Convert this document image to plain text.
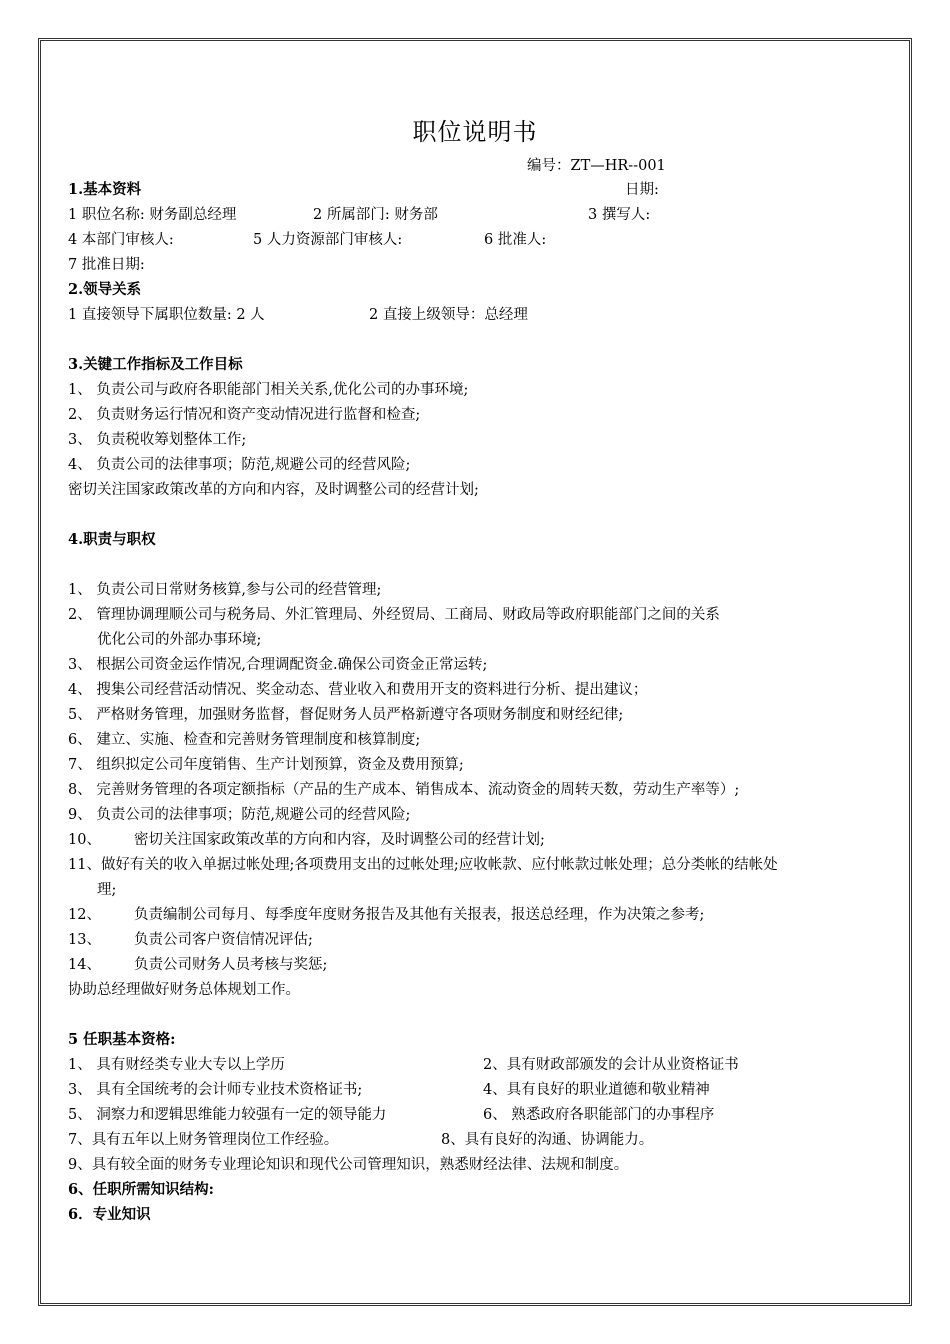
职位说明书
编号：ZT—HR--001
1.基本资料	日期:
1 职位名称: 财务副总经理	2 所属部门: 财务部	3 撰写人:
4 本部门审核人:	5 人力资源部门审核人:	6 批准人:
7 批准日期:
2.领导关系
1 直接领导下属职位数量: 2 人	2 直接上级领导：总经理
3.关键工作指标及工作目标
1、 负责公司与政府各职能部门相关关系,优化公司的办事环境;
2、 负责财务运行情况和资产变动情况进行监督和检查;
3、 负责税收筹划整体工作;
4、 负责公司的法律事项；防范,规避公司的经营风险;
密切关注国家政策改革的方向和内容，及时调整公司的经营计划;
4.职责与职权
1、 负责公司日常财务核算,参与公司的经营管理;
2、 管理协调理顺公司与税务局、外汇管理局、外经贸局、工商局、财政局等政府职能部门之间的关系
优化公司的外部办事环境;
3、 根据公司资金运作情况,合理调配资金.确保公司资金正常运转;
4、 搜集公司经营活动情况、奖金动态、营业收入和费用开支的资料进行分析、提出建议；
5、 严格财务管理，加强财务监督，督促财务人员严格新遵守各项财务制度和财经纪律;
6、 建立、实施、检查和完善财务管理制度和核算制度;
7、 组织拟定公司年度销售、生产计划预算，资金及费用预算;
8、 完善财务管理的各项定额指标（产品的生产成本、销售成本、流动资金的周转天数，劳动生产率等）;
9、 负责公司的法律事项；防范,规避公司的经营风险;
10、 密切关注国家政策改革的方向和内容，及时调整公司的经营计划;
11、做好有关的收入单据过帐处理;各项费用支出的过帐处理;应收帐款、应付帐款过帐处理；总分类帐的结帐处
理;
12、 负责编制公司每月、每季度年度财务报告及其他有关报表，报送总经理，作为决策之参考;
13、 负责公司客户资信情况评估;
14、 负责公司财务人员考核与奖惩;
协助总经理做好财务总体规划工作。
5 任职基本资格:
1、 具有财经类专业大专以上学历	2、具有财政部颁发的会计从业资格证书
3、 具有全国统考的会计师专业技术资格证书;	4、具有良好的职业道德和敬业精神
5、 洞察力和逻辑思维能力较强有一定的领导能力	6、 熟悉政府各职能部门的办事程序
7、具有五年以上财务管理岗位工作经验。	8、具有良好的沟通、协调能力。
9、具有较全面的财务专业理论知识和现代公司管理知识，熟悉财经法律、法规和制度。
6、任职所需知识结构:
6．专业知识
